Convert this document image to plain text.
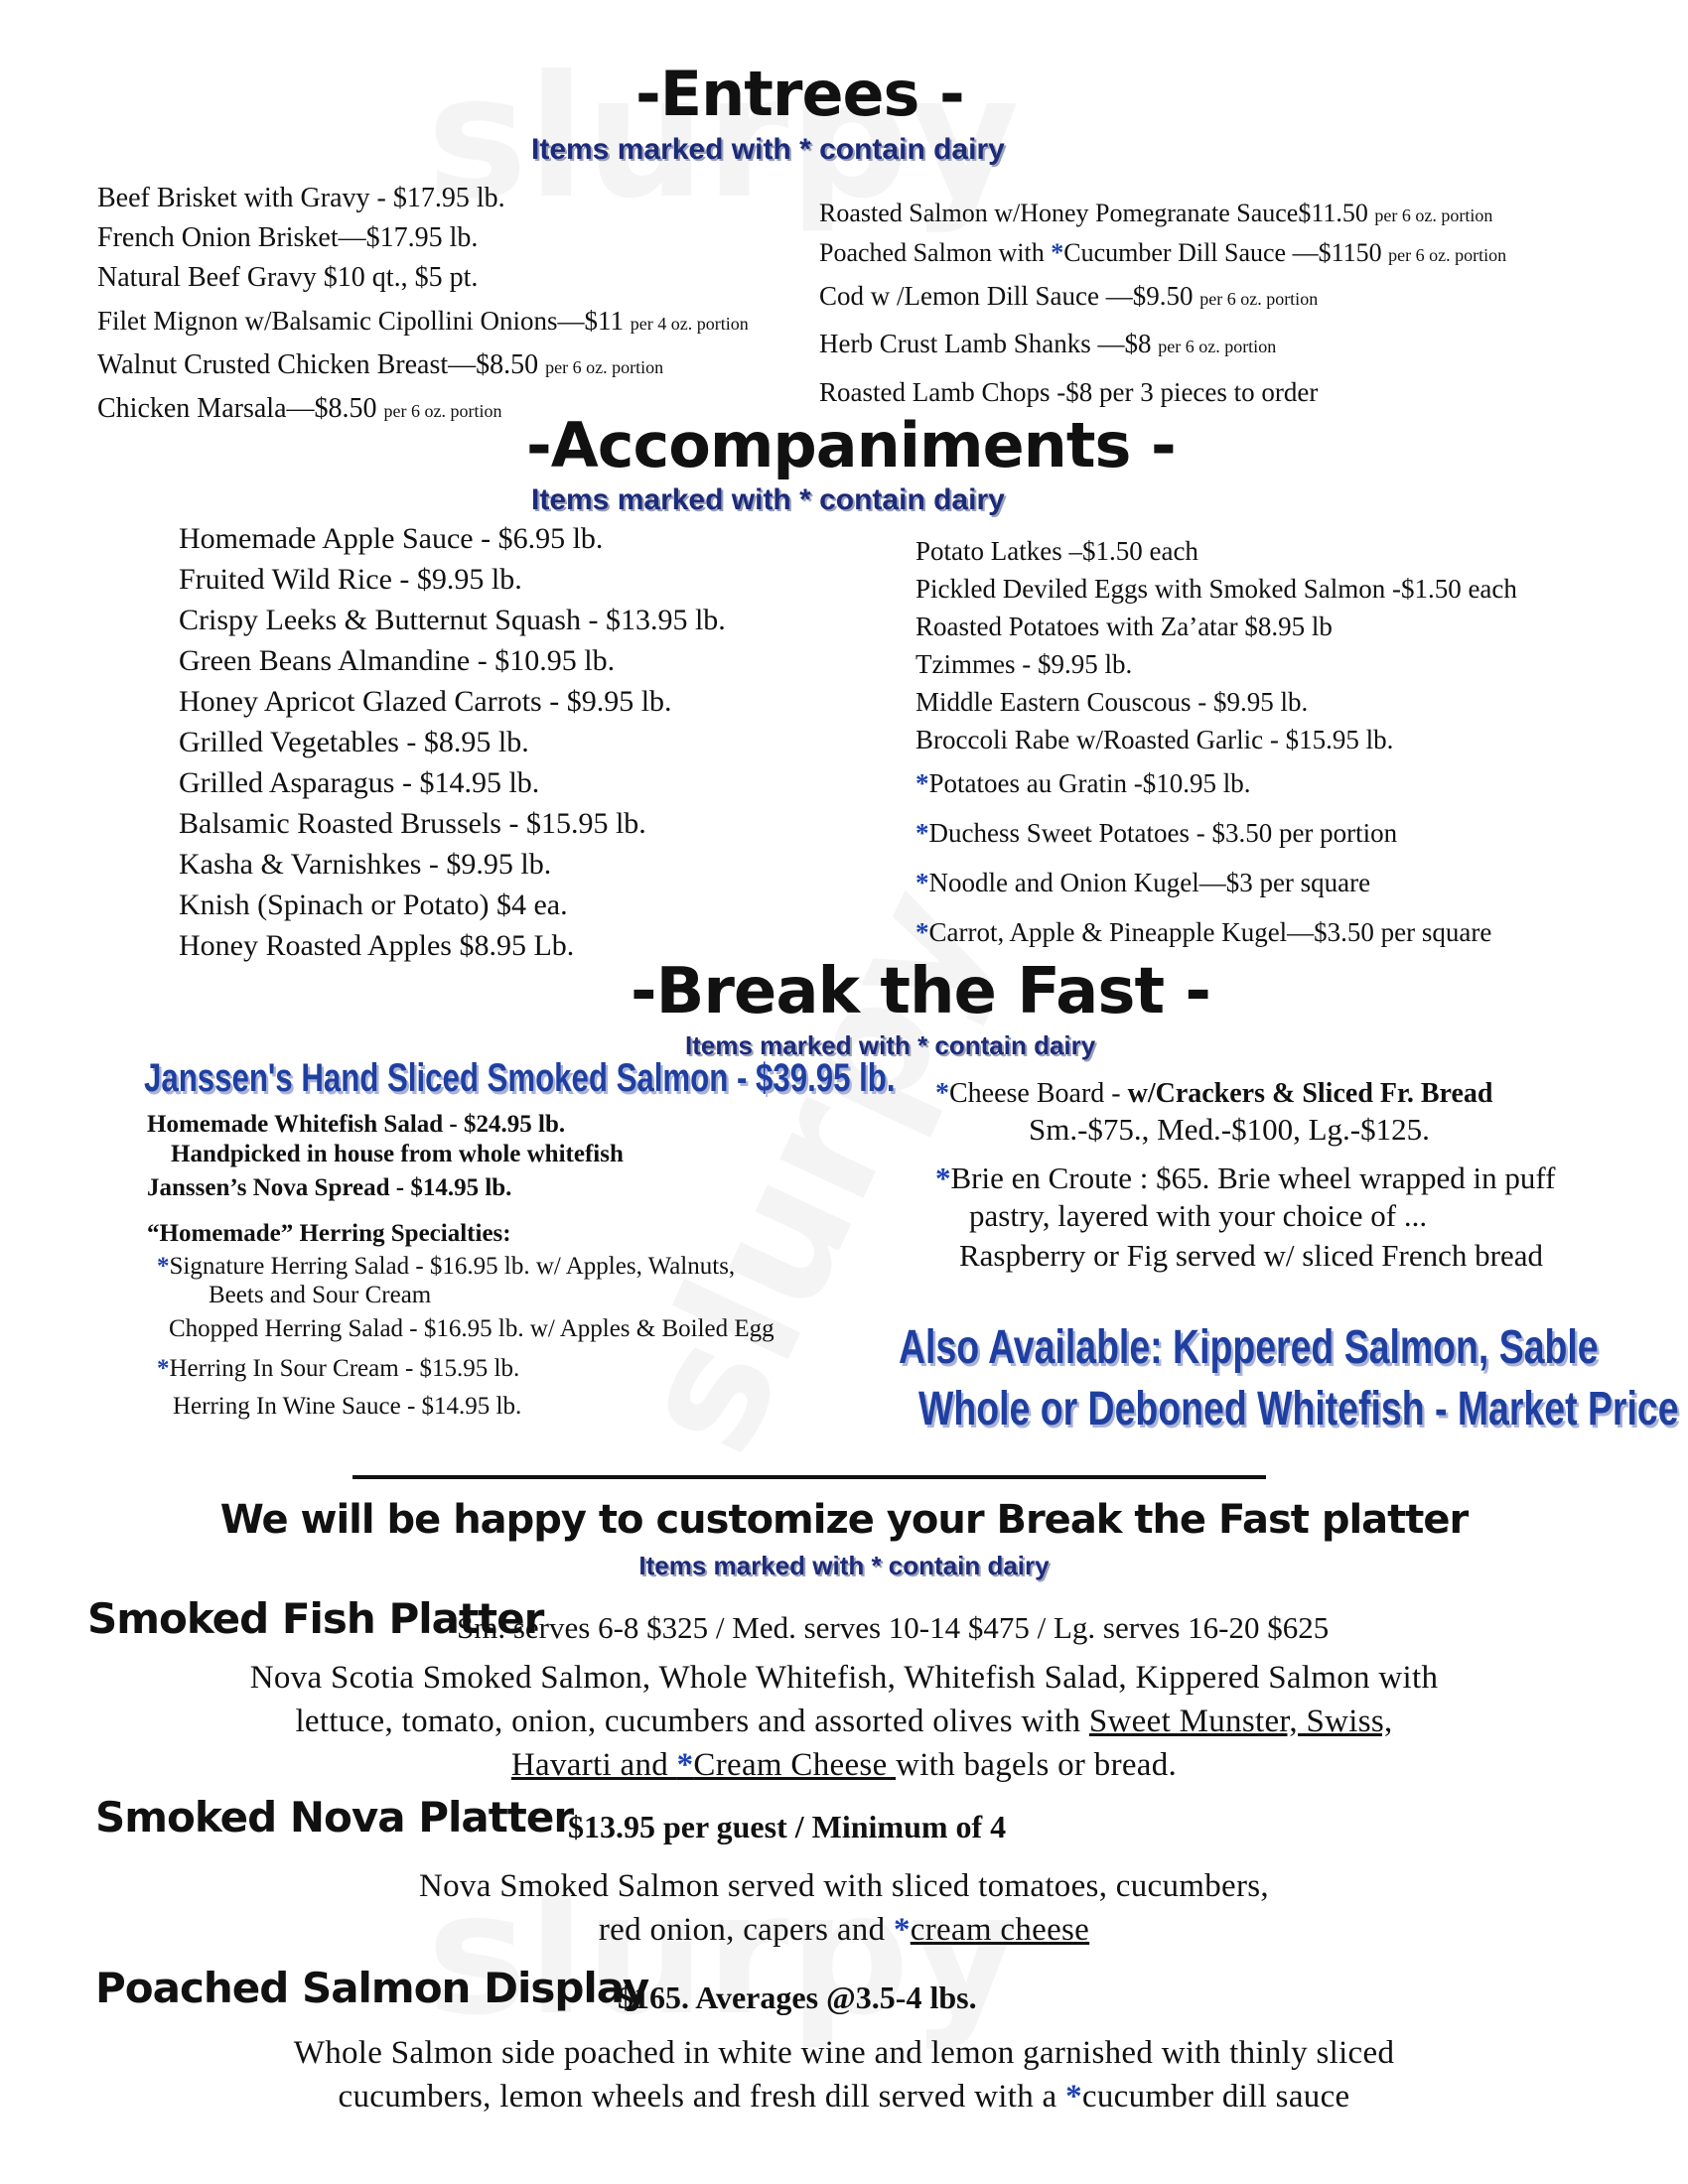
-Entrees -
Items marked with * contain dairy
Beef Brisket with Gravy - $17.95 lb.
French Onion Brisket—$17.95 lb.
Natural Beef Gravy $10 qt., $5 pt.
Filet Mignon w/Balsamic Cipollini Onions—$11 per 4 oz. portion
Walnut Crusted Chicken Breast—$8.50 per 6 oz. portion
Chicken Marsala—$8.50 per 6 oz. portion
Roasted Salmon w/Honey Pomegranate Sauce$11.50 per 6 oz. portion
Poached Salmon with *Cucumber Dill Sauce —$1150 per 6 oz. portion
Cod w /Lemon Dill Sauce —$9.50 per 6 oz. portion
Herb Crust Lamb Shanks —$8 per 6 oz. portion
Roasted Lamb Chops -$8 per 3 pieces to order
-Accompaniments -
Items marked with * contain dairy
Homemade Apple Sauce - $6.95 lb.
Fruited Wild Rice - $9.95 lb.
Crispy Leeks & Butternut Squash - $13.95 lb.
Green Beans Almandine - $10.95 lb.
Honey Apricot Glazed Carrots - $9.95 lb.
Grilled Vegetables - $8.95 lb.
Grilled Asparagus - $14.95 lb.
Balsamic Roasted Brussels - $15.95 lb.
Kasha & Varnishkes - $9.95 lb.
Knish (Spinach or Potato) $4 ea.
Honey Roasted Apples $8.95 Lb.
Potato Latkes –$1.50 each
Pickled Deviled Eggs with Smoked Salmon -$1.50 each
Roasted Potatoes with Za’atar $8.95 lb
Tzimmes - $9.95 lb.
Middle Eastern Couscous - $9.95 lb.
Broccoli Rabe w/Roasted Garlic - $15.95 lb.
*Potatoes au Gratin -$10.95 lb.
*Duchess Sweet Potatoes - $3.50 per portion
*Noodle and Onion Kugel—$3 per square
*Carrot, Apple & Pineapple Kugel—$3.50 per square
-Break the Fast -
Items marked with * contain dairy
Janssen's Hand Sliced Smoked Salmon - $39.95 lb.
Homemade Whitefish Salad - $24.95 lb.
Handpicked in house from whole whitefish
Janssen’s Nova Spread - $14.95 lb.
“Homemade” Herring Specialties:
*Signature Herring Salad - $16.95 lb. w/ Apples, Walnuts,
Beets and Sour Cream
Chopped Herring Salad - $16.95 lb. w/ Apples & Boiled Egg
*Herring In Sour Cream - $15.95 lb.
Herring In Wine Sauce - $14.95 lb.
*Cheese Board - w/Crackers & Sliced Fr. Bread
Sm.-$75., Med.-$100, Lg.-$125.
*Brie en Croute : $65. Brie wheel wrapped in puff
pastry, layered with your choice of ...
Raspberry or Fig served w/ sliced French bread
Also Available: Kippered Salmon, Sable
Whole or Deboned Whitefish - Market Price
We will be happy to customize your Break the Fast platter
Items marked with * contain dairy
Smoked Fish Platter
Sm. serves 6-8 $325 / Med. serves 10-14 $475 / Lg. serves 16-20 $625
Nova Scotia Smoked Salmon, Whole Whitefish, Whitefish Salad, Kippered Salmon with
lettuce, tomato, onion, cucumbers and assorted olives with Sweet Munster, Swiss,
Havarti and *Cream Cheese with bagels or bread.
Smoked Nova Platter
$13.95 per guest / Minimum of 4
Nova Smoked Salmon served with sliced tomatoes, cucumbers,
red onion, capers and *cream cheese
Poached Salmon Display
$165. Averages @3.5-4 lbs.
Whole Salmon side poached in white wine and lemon garnished with thinly sliced
cucumbers, lemon wheels and fresh dill served with a *cucumber dill sauce
